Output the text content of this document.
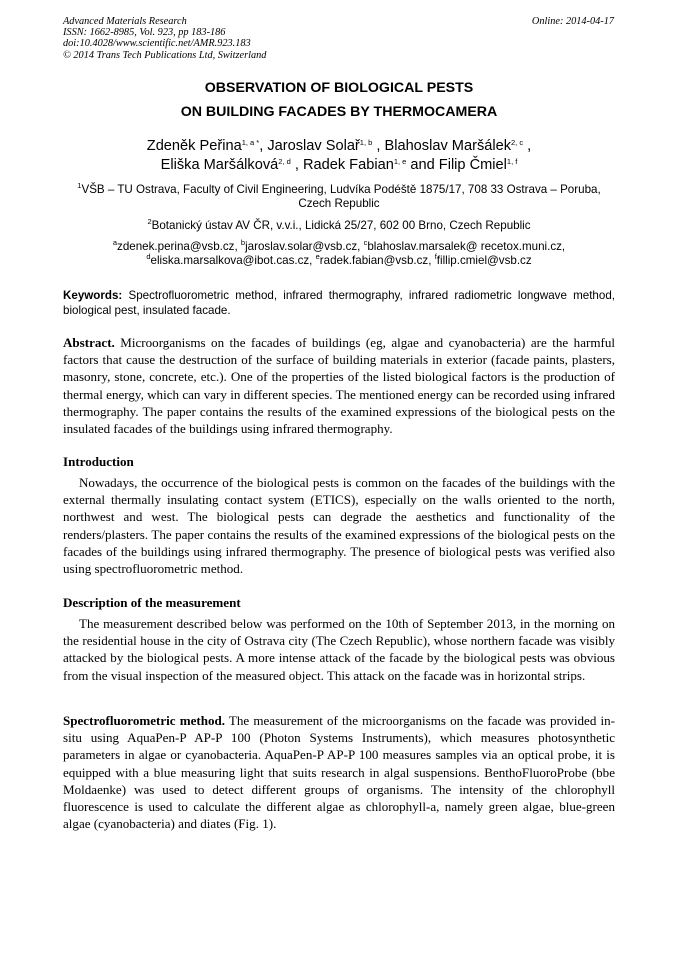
Advanced Materials Research
ISSN: 1662-8985, Vol. 923, pp 183-186
doi:10.4028/www.scientific.net/AMR.923.183
© 2014 Trans Tech Publications Ltd, Switzerland
Online: 2014-04-17
OBSERVATION OF BIOLOGICAL PESTS
ON BUILDING FACADES BY THERMOCAMERA
Zdeněk Peřina$^{1, a *}$, Jaroslav Solař$^{1, b}$ , Blahoslav Maršálek$^{2, c}$ ,
Eliška Maršálková$^{2, d}$ , Radek Fabian$^{1, e}$ and Filip Čmiel$^{1, f}$
$^1$VŠB – TU Ostrava, Faculty of Civil Engineering, Ludvíka Podéště 1875/17, 708 33 Ostrava – Poruba, Czech Republic
$^2$Botanický ústav AV ČR, v.v.i., Lidická 25/27, 602 00 Brno, Czech Republic
$^a$zdenek.perina@vsb.cz, $^b$jaroslav.solar@vsb.cz, $^c$blahoslav.marsalek@ recetox.muni.cz,
$^d$eliska.marsalkova@ibot.cas.cz, $^e$radek.fabian@vsb.cz, $^f$fillip.cmiel@vsb.cz
Keywords: Spectrofluorometric method, infrared thermography, infrared radiometric longwave method, biological pest, insulated facade.
Abstract. Microorganisms on the facades of buildings (eg, algae and cyanobacteria) are the harmful factors that cause the destruction of the surface of building materials in exterior (facade paints, plasters, masonry, stone, concrete, etc.). One of the properties of the listed biological factors is the production of thermal energy, which can vary in different species. The mentioned energy can be recorded using infrared thermography. The paper contains the results of the examined expressions of the biological pests on the insulated facades of the buildings using infrared thermography.
Introduction
Nowadays, the occurrence of the biological pests is common on the facades of the buildings with the external thermally insulating contact system (ETICS), especially on the walls oriented to the north, northwest and west. The biological pests can degrade the aesthetics and functionality of the renders/plasters. The paper contains the results of the examined expressions of the biological pests on the facades of the buildings using infrared thermography. The presence of biological pests was verified also using spectrofluorometric method.
Description of the measurement
The measurement described below was performed on the 10th of September 2013, in the morning on the residential house in the city of Ostrava city (The Czech Republic), whose northern facade was visibly attacked by the biological pests. A more intense attack of the facade by the biological pests was obvious from the visual inspection of the measured object. This attack on the facade was in horizontal strips.
Spectrofluorometric method. The measurement of the microorganisms on the facade was provided in-situ using AquaPen-P AP-P 100 (Photon Systems Instruments), which measures photosynthetic parameters in algae or cyanobacteria. AquaPen-P AP-P 100 measures samples via an optical probe, it is equipped with a blue measuring light that suits research in algal suspensions. BenthoFluoroProbe (bbe Moldaenke) was used to detect different groups of organisms. The intensity of the chlorophyll fluorescence is used to calculate the different algae as chlorophyll-a, namely green algae, blue-green algae (cyanobacteria) and diates (Fig. 1).
